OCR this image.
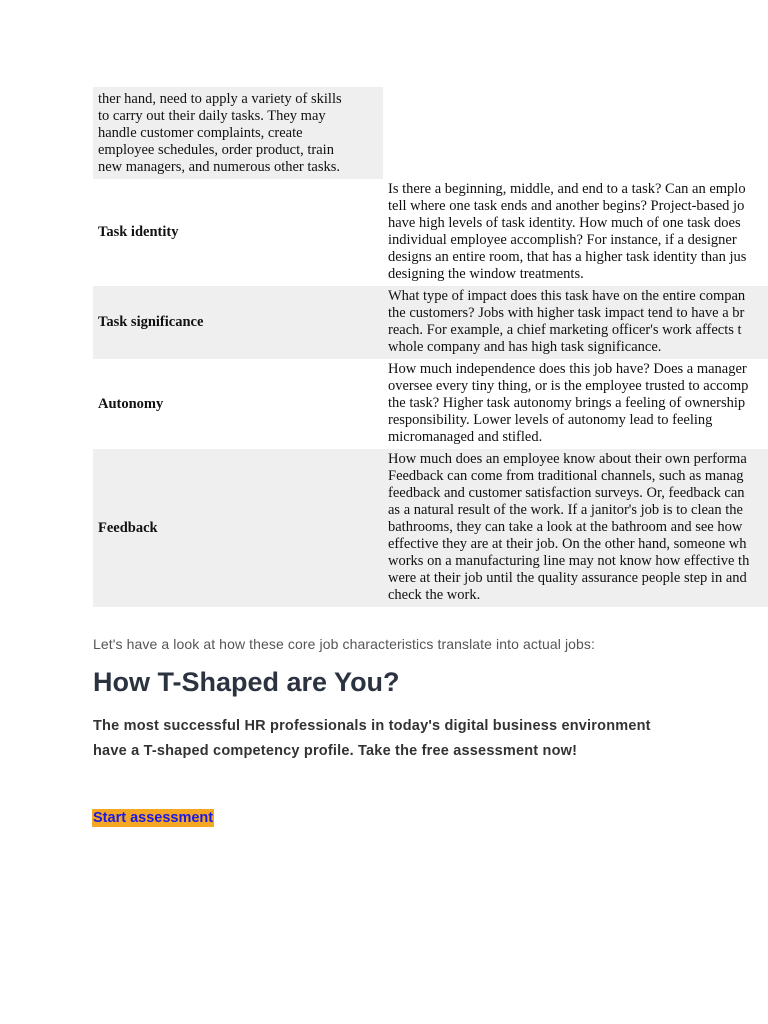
ther hand, need to apply a variety of skills
to carry out their daily tasks. They may
handle customer complaints, create
employee schedules, order product, train
new managers, and numerous other tasks.
Task identity
Is there a beginning, middle, and end to a task? Can an emplo
tell where one task ends and another begins? Project-based jo
have high levels of task identity. How much of one task does
individual employee accomplish? For instance, if a designer
designs an entire room, that has a higher task identity than jus
designing the window treatments.
Task significance
What type of impact does this task have on the entire compan
the customers? Jobs with higher task impact tend to have a br
reach. For example, a chief marketing officer's work affects t
whole company and has high task significance.
Autonomy
How much independence does this job have? Does a manager
oversee every tiny thing, or is the employee trusted to accomp
the task? Higher task autonomy brings a feeling of ownership
responsibility. Lower levels of autonomy lead to feeling
micromanaged and stifled.
Feedback
How much does an employee know about their own performa
Feedback can come from traditional channels, such as manag
feedback and customer satisfaction surveys. Or, feedback can
as a natural result of the work. If a janitor's job is to clean the
bathrooms, they can take a look at the bathroom and see how
effective they are at their job. On the other hand, someone wh
works on a manufacturing line may not know how effective th
were at their job until the quality assurance people step in and
check the work.
Let's have a look at how these core job characteristics translate into actual jobs:
How T-Shaped are You?
The most successful HR professionals in today's digital business environment have a T-shaped competency profile. Take the free assessment now!
Start assessment
